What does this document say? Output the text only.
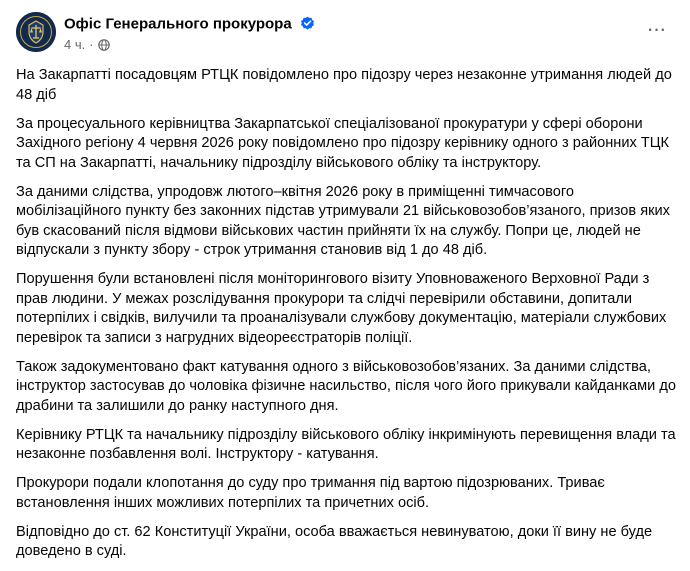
Офіс Генерального прокурора
4 ч. ·
···

На Закарпатті посадовцям РТЦК повідомлено про підозру через незаконне утримання людей до 48 діб

За процесуального керівництва Закарпатської спеціалізованої прокуратури у сфері оборони Західного регіону 4 червня 2026 року повідомлено про підозру керівнику одного з районних ТЦК та СП на Закарпатті, начальнику підрозділу військового обліку та інструктору.

За даними слідства, упродовж лютого–квітня 2026 року в приміщенні тимчасового мобілізаційного пункту без законних підстав утримували 21 військовозобов’язаного, призов яких був скасований після відмови військових частин прийняти їх на службу. Попри це, людей не відпускали з пункту збору - строк утримання становив від 1 до 48 діб.

Порушення були встановлені після моніторингового візиту Уповноваженого Верховної Ради з прав людини. У межах розслідування прокурори та слідчі перевірили обставини, допитали потерпілих і свідків, вилучили та проаналізували службову документацію, матеріали службових перевірок та записи з нагрудних відеореєстраторів поліції.

Також задокументовано факт катування одного з військовозобов’язаних. За даними слідства, інструктор застосував до чоловіка фізичне насильство, після чого його прикували кайданками до драбини та залишили до ранку наступного дня.

Керівнику РТЦК та начальнику підрозділу військового обліку інкримінують перевищення влади та незаконне позбавлення волі. Інструктору - катування.

Прокурори подали клопотання до суду про тримання під вартою підозрюваних. Триває встановлення інших можливих потерпілих та причетних осіб.

Відповідно до ст. 62 Конституції України, особа вважається невинуватою, доки її вину не буде доведено в суді.
